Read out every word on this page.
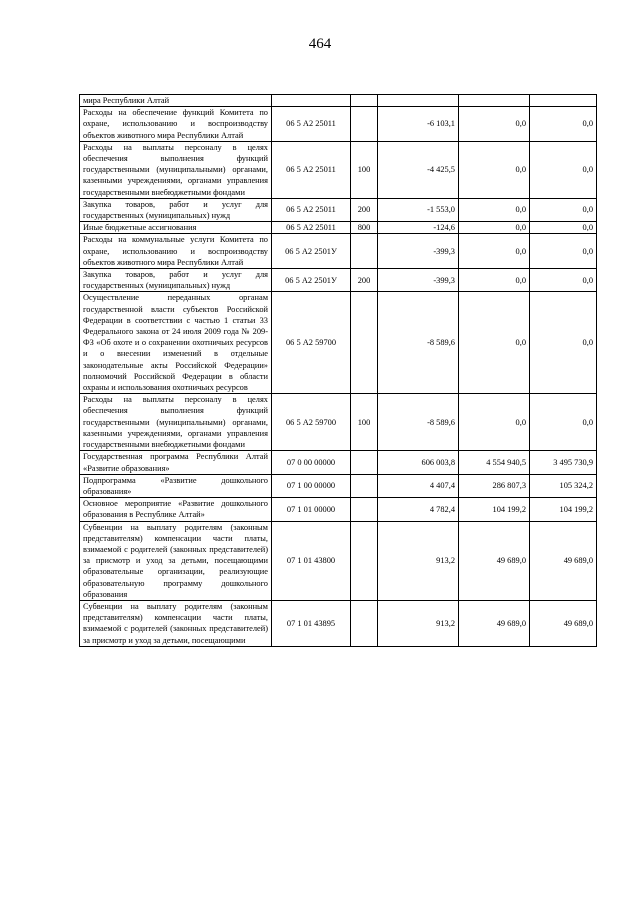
464
мира Республики Алтай					
Расходы на обеспечение функций Комитета по охране, использованию и воспроизводству объектов животного мира Республики Алтай	06 5 А2 25011		-6 103,1	0,0	0,0
Расходы на выплаты персоналу в целях обеспечения выполнения функций государственными (муниципальными) органами, казенными учреждениями, органами управления государственными внебюджетными фондами	06 5 А2 25011	100	-4 425,5	0,0	0,0
Закупка товаров, работ и услуг для государственных (муниципальных) нужд	06 5 А2 25011	200	-1 553,0	0,0	0,0
Иные бюджетные ассигнования	06 5 А2 25011	800	-124,6	0,0	0,0
Расходы на коммунальные услуги Комитета по охране, использованию и воспроизводству объектов животного мира Республики Алтай	06 5 А2 2501У		-399,3	0,0	0,0
Закупка товаров, работ и услуг для государственных (муниципальных) нужд	06 5 А2 2501У	200	-399,3	0,0	0,0
Осуществление переданных органам государственной власти субъектов Российской Федерации в соответствии с частью 1 статьи 33 Федерального закона от 24 июля 2009 года № 209-ФЗ «Об охоте и о сохранении охотничьих ресурсов и о внесении изменений в отдельные законодательные акты Российской Федерации» полномочий Российской Федерации в области охраны и использования охотничьих ресурсов	06 5 А2 59700		-8 589,6	0,0	0,0
Расходы на выплаты персоналу в целях обеспечения выполнения функций государственными (муниципальными) органами, казенными учреждениями, органами управления государственными внебюджетными фондами	06 5 А2 59700	100	-8 589,6	0,0	0,0
Государственная программа Республики Алтай «Развитие образования»	07 0 00 00000		606 003,8	4 554 940,5	3 495 730,9
Подпрограмма «Развитие дошкольного образования»	07 1 00 00000		4 407,4	286 807,3	105 324,2
Основное мероприятие «Развитие дошкольного образования в Республике Алтай»	07 1 01 00000		4 782,4	104 199,2	104 199,2
Субвенции на выплату родителям (законным представителям) компенсации части платы, взимаемой с родителей (законных представителей) за присмотр и уход за детьми, посещающими образовательные организации, реализующие образовательную программу дошкольного образования	07 1 01 43800		913,2	49 689,0	49 689,0
Субвенции на выплату родителям (законным представителям) компенсации части платы, взимаемой с родителей (законных представителей) за присмотр и уход за детьми, посещающими	07 1 01 43895		913,2	49 689,0	49 689,0
